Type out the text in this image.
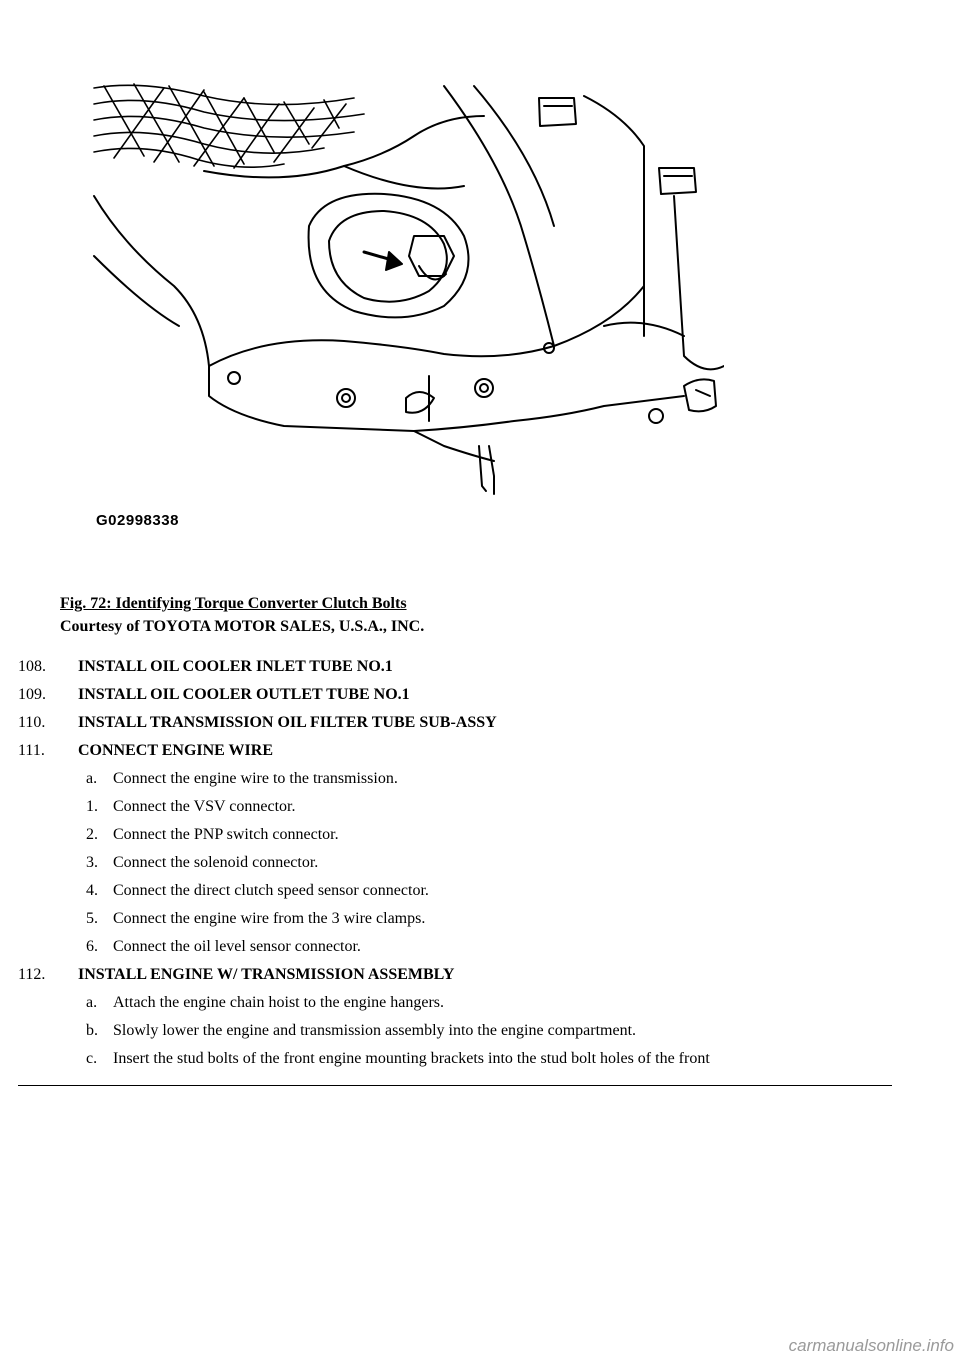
G02998338
Fig. 72: Identifying Torque Converter Clutch Bolts
Courtesy of TOYOTA MOTOR SALES, U.S.A., INC.
108.	INSTALL OIL COOLER INLET TUBE NO.1
109.	INSTALL OIL COOLER OUTLET TUBE NO.1
110.	INSTALL TRANSMISSION OIL FILTER TUBE SUB-ASSY
111.	CONNECT ENGINE WIRE
a. Connect the engine wire to the transmission.
1. Connect the VSV connector.
2. Connect the PNP switch connector.
3. Connect the solenoid connector.
4. Connect the direct clutch speed sensor connector.
5. Connect the engine wire from the 3 wire clamps.
6. Connect the oil level sensor connector.
112.	INSTALL ENGINE W/ TRANSMISSION ASSEMBLY
a. Attach the engine chain hoist to the engine hangers.
b. Slowly lower the engine and transmission assembly into the engine compartment.
c. Insert the stud bolts of the front engine mounting brackets into the stud bolt holes of the front
carmanualsonline.info
